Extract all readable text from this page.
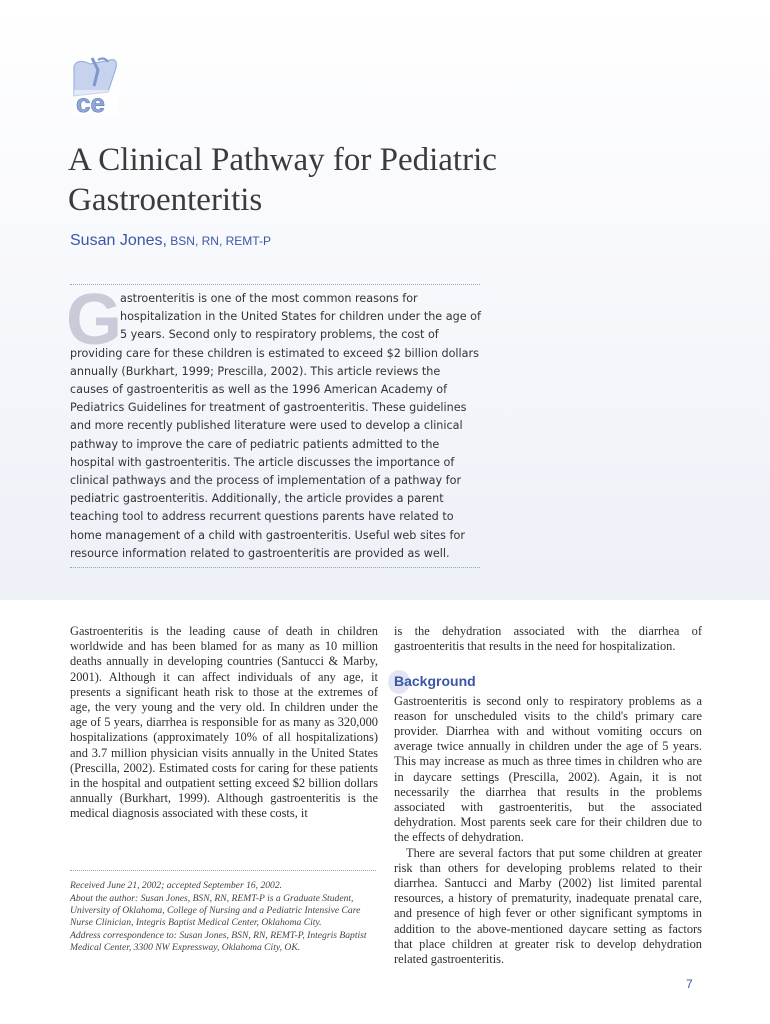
ce
A Clinical Pathway for Pediatric Gastroenteritis
Susan Jones, BSN, RN, REMT-P
G

astroenteritis is one of the most common reasons for hospitalization in the United States for children under the age of 5 years. Second only to respiratory problems, the cost of providing care for these children is estimated to exceed $2 billion dollars annually (Burkhart, 1999; Prescilla, 2002). This article reviews the causes of gastroenteritis as well as the 1996 American Academy of Pediatrics Guidelines for treatment of gastroenteritis. These guidelines and more recently published literature were used to develop a clinical pathway to improve the care of pediatric patients admitted to the hospital with gastroenteritis. The article discusses the importance of clinical pathways and the process of implementation of a pathway for pediatric gastroenteritis. Additionally, the article provides a parent teaching tool to address recurrent questions parents have related to home management of a child with gastroenteritis. Useful web sites for resource information related to gastroenteritis are provided as well.

Gastroenteritis is the leading cause of death in children worldwide and has been blamed for as many as 10 million deaths annually in developing countries (Santucci & Marby, 2001). Although it can affect individuals of any age, it presents a significant heath risk to those at the extremes of age, the very young and the very old. In children under the age of 5 years, diarrhea is responsible for as many as 320,000 hospitalizations (approximately 10% of all hospitalizations) and 3.7 million physician visits annually in the United States (Prescilla, 2002). Estimated costs for caring for these patients in the hospital and outpatient setting exceed $2 billion dollars annually (Burkhart, 1999). Although gastroenteritis is the medical diagnosis associated with these costs, it

Received June 21, 2002; accepted September 16, 2002.

About the author: Susan Jones, BSN, RN, REMT-P is a Graduate Student, University of Oklahoma, College of Nursing and a Pediatric Intensive Care Nurse Clinician, Integris Baptist Medical Center, Oklahoma City.

Address correspondence to: Susan Jones, BSN, RN, REMT-P, Integris Baptist Medical Center, 3300 NW Expressway, Oklahoma City, OK.

is the dehydration associated with the diarrhea of gastroenteritis that results in the need for hospitalization.

Background

Gastroenteritis is second only to respiratory problems as a reason for unscheduled visits to the child's primary care provider. Diarrhea with and without vomiting occurs on average twice annually in children under the age of 5 years. This may increase as much as three times in children who are in daycare settings (Prescilla, 2002). Again, it is not necessarily the diarrhea that results in the problems associated with gastroenteritis, but the associated dehydration. Most parents seek care for their children due to the effects of dehydration.

There are several factors that put some children at greater risk than others for developing problems related to their diarrhea. Santucci and Marby (2002) list limited parental resources, a history of prematurity, inadequate prenatal care, and presence of high fever or other significant symptoms in addition to the above-mentioned daycare setting as factors that place children at greater risk to develop dehydration related gastroenteritis.

7
